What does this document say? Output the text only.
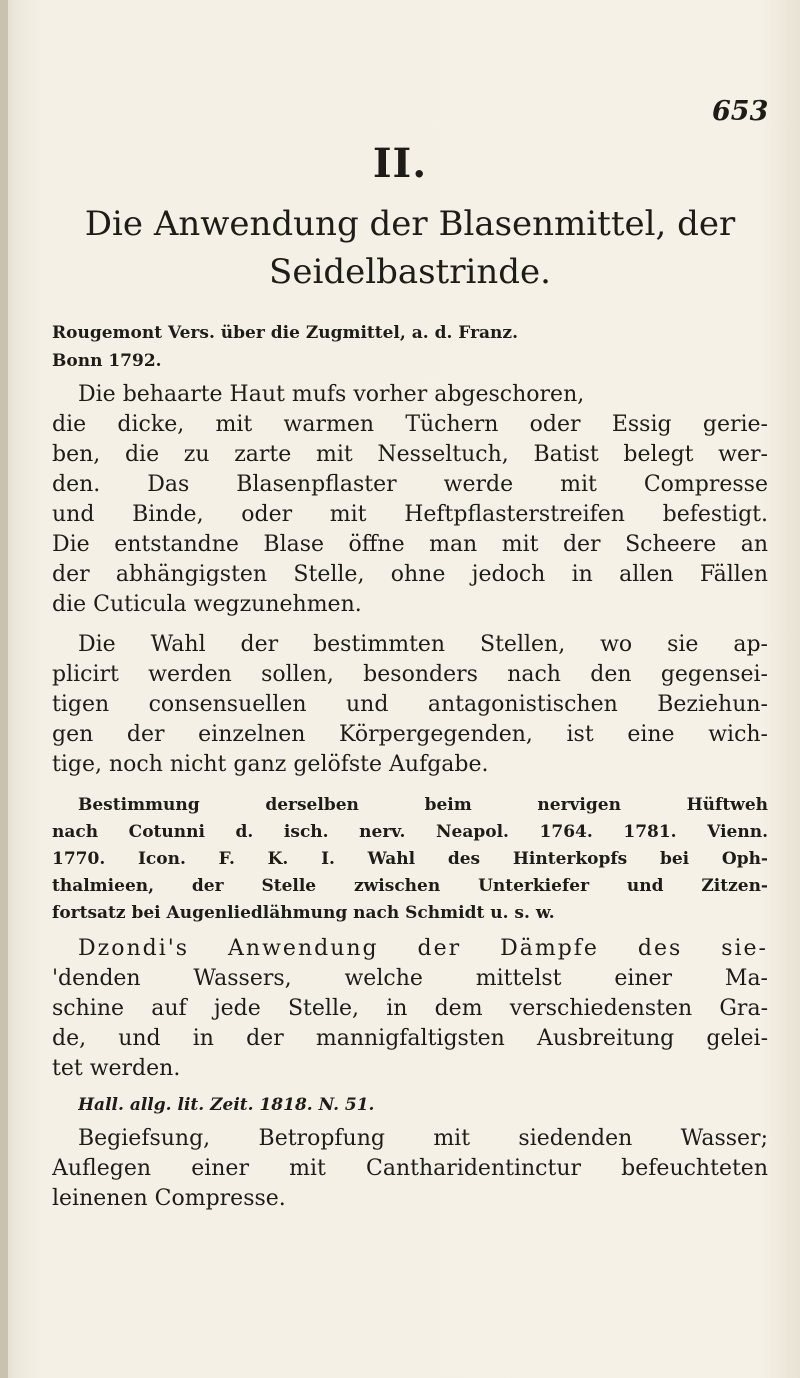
653
II.
Die Anwendung der Blasenmittel, der
Seidelbastrinde.
Rougemont Vers. über die Zugmittel, a. d. Franz.
Bonn 1792.
Die behaarte Haut mufs vorher abgeschoren,
die dicke, mit warmen Tüchern oder Essig gerie-
ben, die zu zarte mit Nesseltuch, Batist belegt wer-
den. Das Blasenpflaster werde mit Compresse
und Binde, oder mit Heftpflasterstreifen befestigt.
Die entstandne Blase öffne man mit der Scheere an
der abhängigsten Stelle, ohne jedoch in allen Fällen
die Cuticula wegzunehmen.
Die Wahl der bestimmten Stellen, wo sie ap-
plicirt werden sollen, besonders nach den gegensei-
tigen consensuellen und antagonistischen Beziehun-
gen der einzelnen Körpergegenden, ist eine wich-
tige, noch nicht ganz gelöfste Aufgabe.
Bestimmung derselben beim nervigen Hüftweh
nach Cotunni d. isch. nerv. Neapol. 1764. 1781. Vienn.
1770. Icon. F. K. I. Wahl des Hinterkopfs bei Oph-
thalmieen, der Stelle zwischen Unterkiefer und Zitzen-
fortsatz bei Augenliedlähmung nach Schmidt u. s. w.
Dzondi's Anwendung der Dämpfe des sie-
'denden Wassers, welche mittelst einer Ma-
schine auf jede Stelle, in dem verschiedensten Gra-
de, und in der mannigfaltigsten Ausbreitung gelei-
tet werden.
Hall. allg. lit. Zeit. 1818. N. 51.
Begiefsung, Betropfung mit siedenden Wasser;
Auflegen einer mit Cantharidentinctur befeuchteten
leinenen Compresse.
